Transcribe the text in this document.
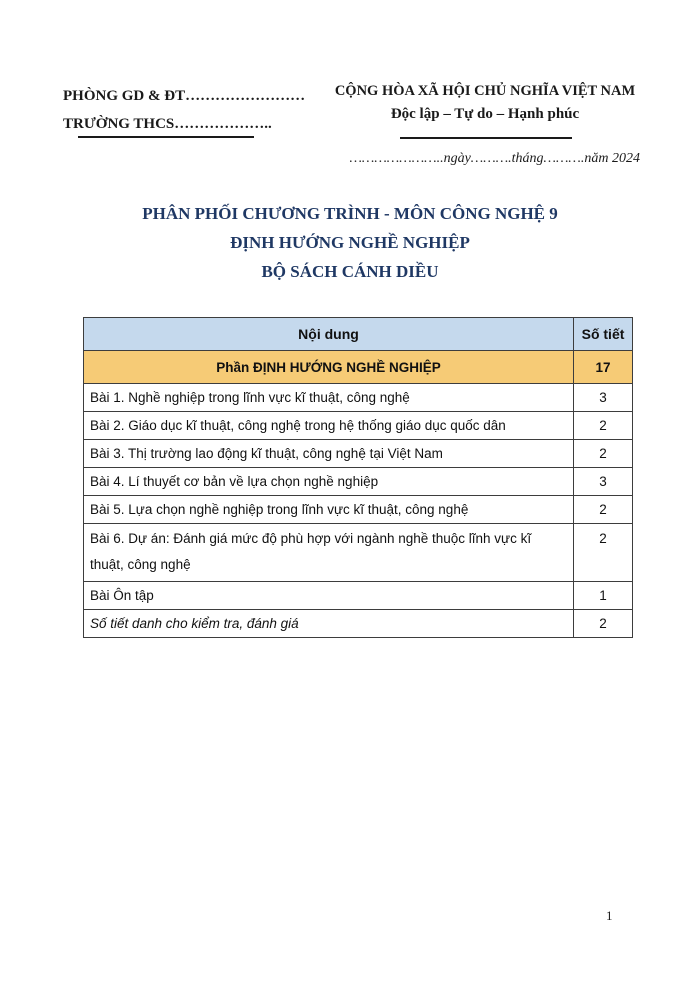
PHÒNG GD & ĐT……………………
TRƯỜNG THCS………………..
CỘNG HÒA XÃ HỘI CHỦ NGHĨA VIỆT NAM
Độc lập – Tự do – Hạnh phúc
…………………..ngày……….tháng……….năm 2024
PHÂN PHỐI CHƯƠNG TRÌNH - MÔN CÔNG NGHỆ 9
ĐỊNH HƯỚNG NGHỀ NGHIỆP
BỘ SÁCH CÁNH DIỀU
Nội dung	Số tiết
Phần ĐỊNH HƯỚNG NGHỀ NGHIỆP	17
Bài 1. Nghề nghiệp trong lĩnh vực kĩ thuật, công nghệ	3
Bài 2. Giáo dục kĩ thuật, công nghệ trong hệ thống giáo dục quốc dân	2
Bài 3. Thị trường lao động kĩ thuật, công nghệ tại Việt Nam	2
Bài 4. Lí thuyết cơ bản về lựa chọn nghề nghiệp	3
Bài 5. Lựa chọn nghề nghiệp trong lĩnh vực kĩ thuật, công nghệ	2
Bài 6. Dự án: Đánh giá mức độ phù hợp với ngành nghề thuộc lĩnh vực kĩ thuật, công nghệ	2
Bài Ôn tập	1
Số tiết danh cho kiểm tra, đánh giá	2
1
